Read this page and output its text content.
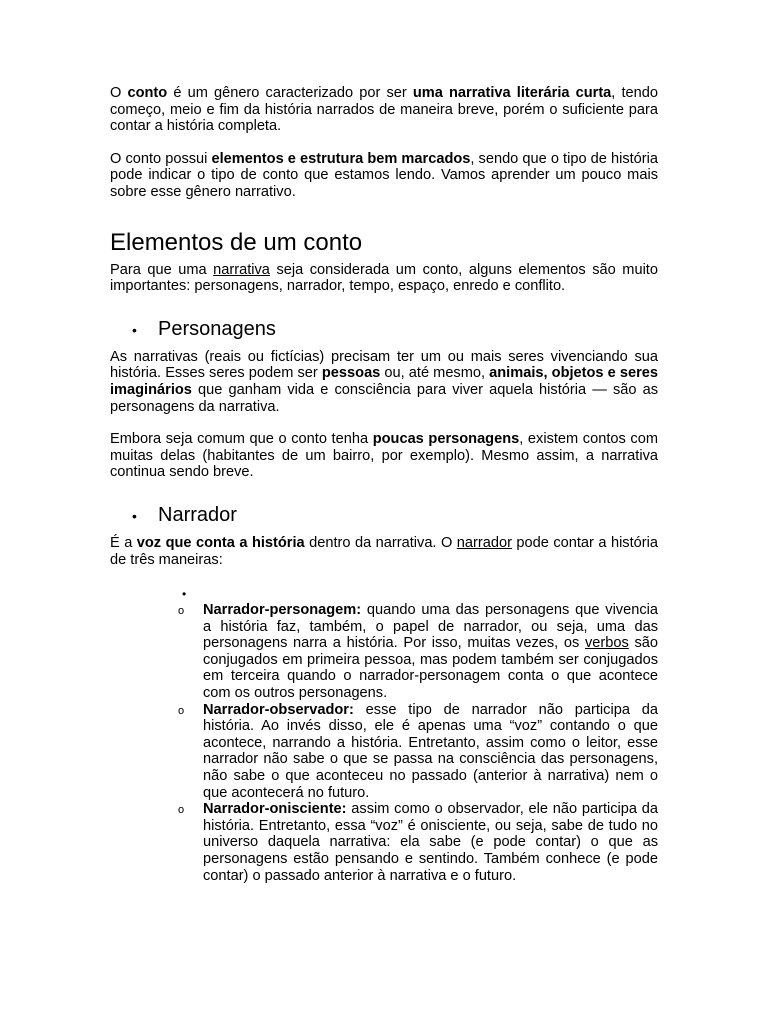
O conto é um gênero caracterizado por ser uma narrativa literária curta, tendo começo, meio e fim da história narrados de maneira breve, porém o suficiente para contar a história completa.

O conto possui elementos e estrutura bem marcados, sendo que o tipo de história pode indicar o tipo de conto que estamos lendo. Vamos aprender um pouco mais sobre esse gênero narrativo.

Elementos de um conto

Para que uma narrativa seja considerada um conto, alguns elementos são muito importantes: personagens, narrador, tempo, espaço, enredo e conflito.

• Personagens

As narrativas (reais ou fictícias) precisam ter um ou mais seres vivenciando sua história. Esses seres podem ser pessoas ou, até mesmo, animais, objetos e seres imaginários que ganham vida e consciência para viver aquela história — são as personagens da narrativa.

Embora seja comum que o conto tenha poucas personagens, existem contos com muitas delas (habitantes de um bairro, por exemplo). Mesmo assim, a narrativa continua sendo breve.

• Narrador

É a voz que conta a história dentro da narrativa. O narrador pode contar a história de três maneiras:

•
o Narrador-personagem: quando uma das personagens que vivencia a história faz, também, o papel de narrador, ou seja, uma das personagens narra a história. Por isso, muitas vezes, os verbos são conjugados em primeira pessoa, mas podem também ser conjugados em terceira quando o narrador-personagem conta o que acontece com os outros personagens.
o Narrador-observador: esse tipo de narrador não participa da história. Ao invés disso, ele é apenas uma “voz” contando o que acontece, narrando a história. Entretanto, assim como o leitor, esse narrador não sabe o que se passa na consciência das personagens, não sabe o que aconteceu no passado (anterior à narrativa) nem o que acontecerá no futuro.
o Narrador-onisciente: assim como o observador, ele não participa da história. Entretanto, essa “voz” é onisciente, ou seja, sabe de tudo no universo daquela narrativa: ela sabe (e pode contar) o que as personagens estão pensando e sentindo. Também conhece (e pode contar) o passado anterior à narrativa e o futuro.
